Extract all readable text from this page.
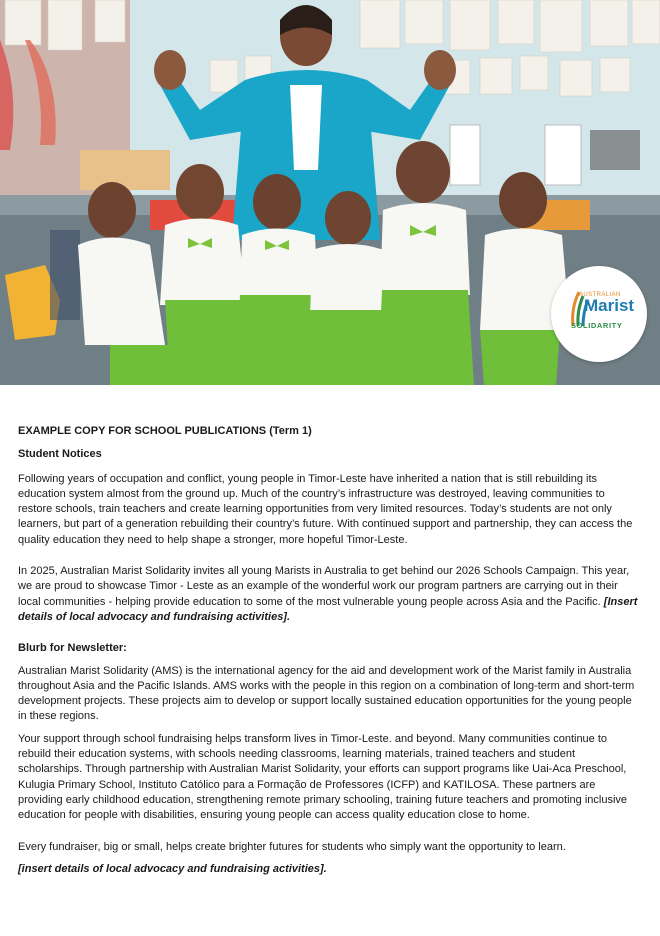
AUSTRALIAN
Marist
SOLIDARITY
EXAMPLE COPY FOR SCHOOL PUBLICATIONS (Term 1)
Student Notices

Following years of occupation and conflict, young people in Timor-Leste have inherited a nation that is still rebuilding its education system almost from the ground up. Much of the country’s infrastructure was destroyed, leaving communities to restore schools, train teachers and create learning opportunities from very limited resources. Today’s students are not only learners, but part of a generation rebuilding their country’s future. With continued support and partnership, they can access the quality education they need to help shape a stronger, more hopeful Timor-Leste.

In 2025, Australian Marist Solidarity invites all young Marists in Australia to get behind our 2026 Schools Campaign. This year, we are proud to showcase Timor - Leste as an example of the wonderful work our program partners are carrying out in their local communities - helping provide education to some of the most vulnerable young people across Asia and the Pacific. [Insert details of local advocacy and fundraising activities].

Blurb for Newsletter:

Australian Marist Solidarity (AMS) is the international agency for the aid and development work of the Marist family in Australia throughout Asia and the Pacific Islands. AMS works with the people in this region on a combination of long-term and short-term development projects. These projects aim to develop or support locally sustained education opportunities for the young people in these regions.

Your support through school fundraising helps transform lives in Timor-Leste. and beyond. Many communities continue to rebuild their education systems, with schools needing classrooms, learning materials, trained teachers and student scholarships. Through partnership with Australian Marist Solidarity, your efforts can support programs like Uai-Aca Preschool, Kulugia Primary School, Instituto Católico para a Formação de Professores (ICFP) and KATILOSA. These partners are providing early childhood education, strengthening remote primary schooling, training future teachers and promoting inclusive education for people with disabilities, ensuring young people can access quality education close to home.

Every fundraiser, big or small, helps create brighter futures for students who simply want the opportunity to learn.

[insert details of local advocacy and fundraising activities].
